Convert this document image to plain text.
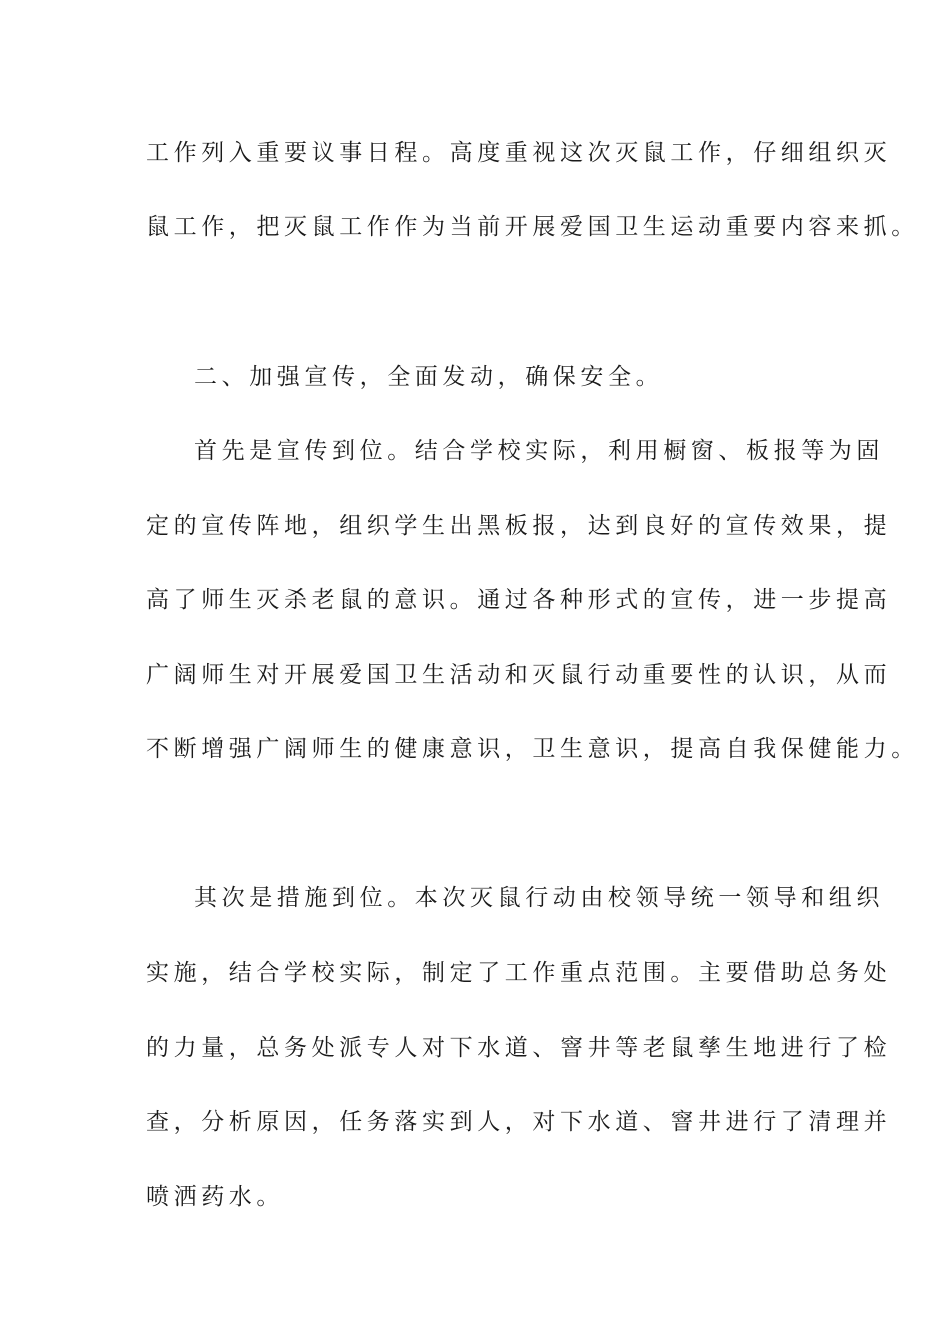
工作列入重要议事日程。高度重视这次灭鼠工作，仔细组织灭
鼠工作，把灭鼠工作作为当前开展爱国卫生运动重要内容来抓。
二、加强宣传，全面发动，确保安全。
首先是宣传到位。结合学校实际，利用橱窗、板报等为固
定的宣传阵地，组织学生出黑板报，达到良好的宣传效果，提
高了师生灭杀老鼠的意识。通过各种形式的宣传，进一步提高
广阔师生对开展爱国卫生活动和灭鼠行动重要性的认识，从而
不断增强广阔师生的健康意识，卫生意识，提高自我保健能力。
其次是措施到位。本次灭鼠行动由校领导统一领导和组织
实施，结合学校实际，制定了工作重点范围。主要借助总务处
的力量，总务处派专人对下水道、窨井等老鼠孳生地进行了检
查，分析原因，任务落实到人，对下水道、窨井进行了清理并
喷洒药水。
